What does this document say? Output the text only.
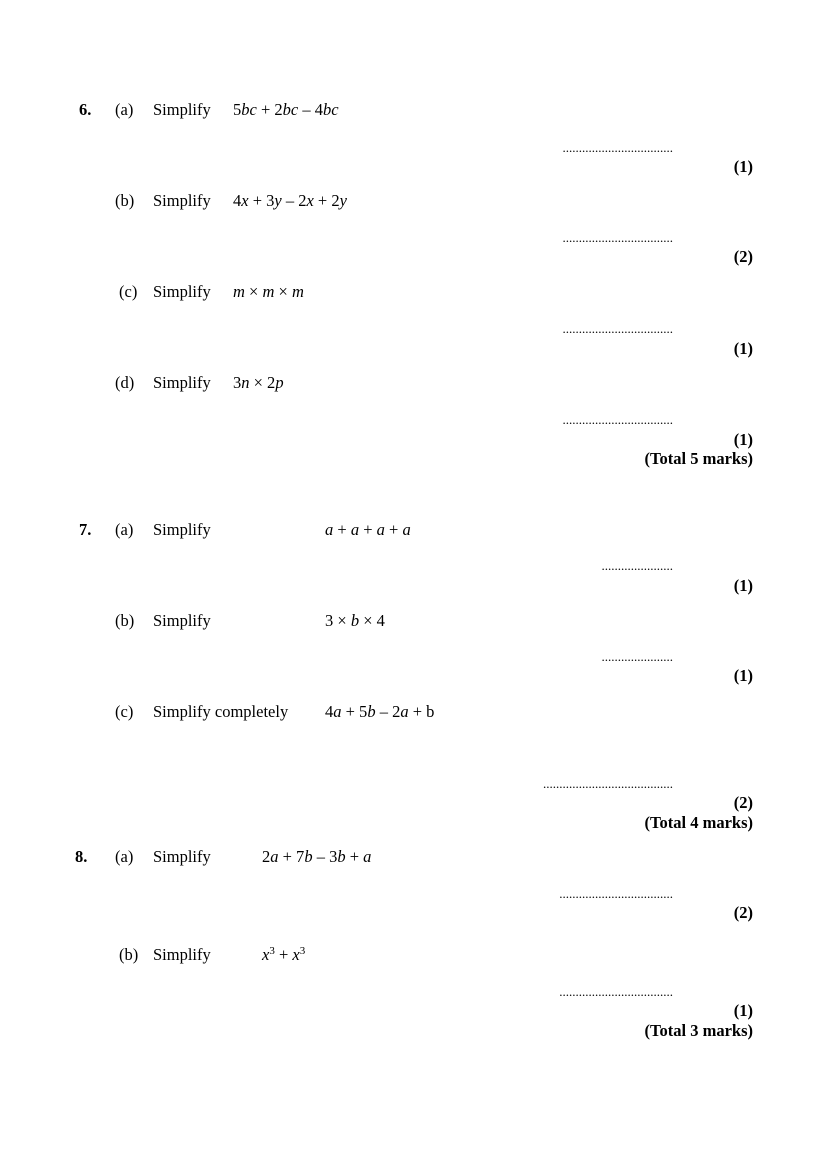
6. (a) Simplify 5bc + 2bc – 4bc
..................................
(1)
(b) Simplify 4x + 3y – 2x + 2y
..................................
(2)
(c) Simplify m × m × m
..................................
(1)
(d) Simplify 3n × 2p
..................................
(1)
(Total 5 marks)
7. (a) Simplify	a + a + a + a
......................
(1)
(b) Simplify	3 × b × 4
......................
(1)
(c) Simplify completely 4a + 5b – 2a + b
........................................
(2)
(Total 4 marks)
8. (a) Simplify	2a + 7b – 3b + a
...................................
(2)
(b) Simplify	$x^3 + x^3$
...................................
(1)
(Total 3 marks)
